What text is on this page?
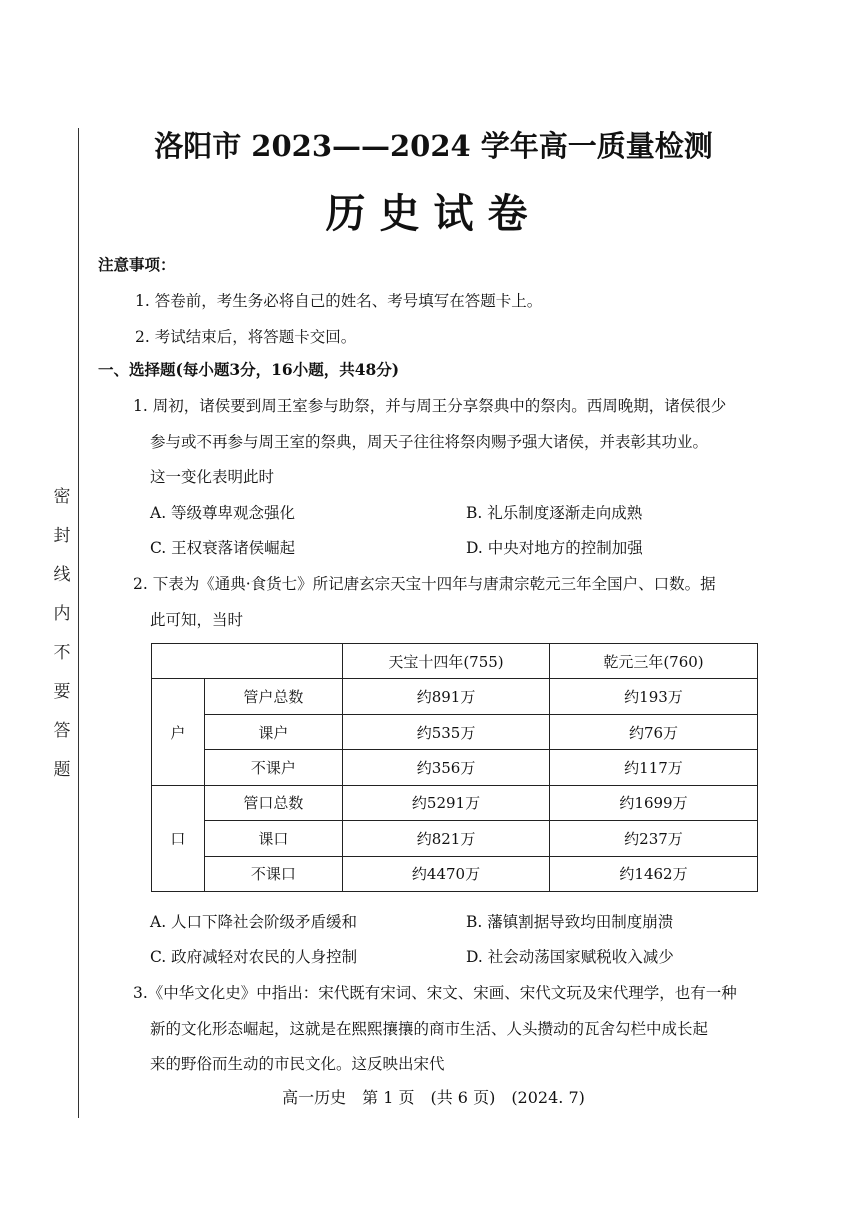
密封线内不要答题
洛阳市 2023——2024 学年高一质量检测
历史试卷
注意事项：
1. 答卷前，考生务必将自己的姓名、考号填写在答题卡上。
2. 考试结束后，将答题卡交回。
一、选择题(每小题3分，16小题，共48分)
1. 周初，诸侯要到周王室参与助祭，并与周王分享祭典中的祭肉。西周晚期，诸侯很少
参与或不再参与周王室的祭典，周天子往往将祭肉赐予强大诸侯，并表彰其功业。
这一变化表明此时
A. 等级尊卑观念强化	B. 礼乐制度逐渐走向成熟
C. 王权衰落诸侯崛起	D. 中央对地方的控制加强
2. 下表为《通典·食货七》所记唐玄宗天宝十四年与唐肃宗乾元三年全国户、口数。据
此可知，当时
		天宝十四年(755)	乾元三年(760)
户	管户总数	约891万	约193万
	课户	约535万	约76万
	不课户	约356万	约117万
口	管口总数	约5291万	约1699万
	课口	约821万	约237万
	不课口	约4470万	约1462万
A. 人口下降社会阶级矛盾缓和	B. 藩镇割据导致均田制度崩溃
C. 政府减轻对农民的人身控制	D. 社会动荡国家赋税收入减少
3.《中华文化史》中指出：宋代既有宋词、宋文、宋画、宋代文玩及宋代理学，也有一种
新的文化形态崛起，这就是在熙熙攘攘的商市生活、人头攒动的瓦舍勾栏中成长起
来的野俗而生动的市民文化。这反映出宋代
高一历史　第 1 页　(共 6 页)　(2024. 7)
